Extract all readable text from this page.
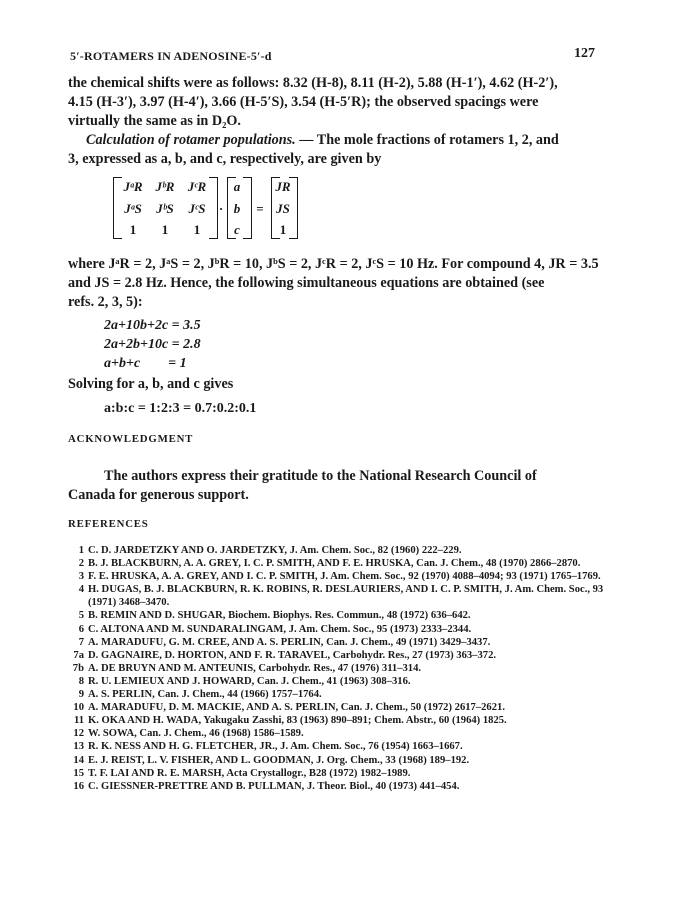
5′-ROTAMERS IN ADENOSINE-5′-d	127
the chemical shifts were as follows: 8.32 (H-8), 8.11 (H-2), 5.88 (H-1′), 4.62 (H-2′),
4.15 (H-3′), 3.97 (H-4′), 3.66 (H-5′S), 3.54 (H-5′R); the observed spacings were
virtually the same as in D₂O.
Calculation of rotamer populations. — The mole fractions of rotamers 1, 2, and
3, expressed as a, b, and c, respectively, are given by
JᵃR JᵇR JᶜR
JᵃS JᵇS JᶜS
1	1	1
·
a
b
c
=
JR
JS
1
where JᵃR = 2, JᵃS = 2, JᵇR = 10, JᵇS = 2, JᶜR = 2, JᶜS = 10 Hz. For compound 4, JR = 3.5
and JS = 2.8 Hz. Hence, the following simultaneous equations are obtained (see
refs. 2, 3, 5):
2a+10b+2c = 3.5
2a+2b+10c = 2.8
a+b+c        = 1
Solving for a, b, and c gives
a:b:c = 1:2:3 = 0.7:0.2:0.1
ACKNOWLEDGMENT
The authors express their gratitude to the National Research Council of
Canada for generous support.
REFERENCES
1 C. D. JARDETZKY AND O. JARDETZKY, J. Am. Chem. Soc., 82 (1960) 222–229.
2 B. J. BLACKBURN, A. A. GREY, I. C. P. SMITH, AND F. E. HRUSKA, Can. J. Chem., 48 (1970) 2866–2870.
3 F. E. HRUSKA, A. A. GREY, AND I. C. P. SMITH, J. Am. Chem. Soc., 92 (1970) 4088–4094; 93 (1971) 1765–1769.
4 H. DUGAS, B. J. BLACKBURN, R. K. ROBINS, R. DESLAURIERS, AND I. C. P. SMITH, J. Am. Chem. Soc., 93 (1971) 3468–3470.
5 B. REMIN AND D. SHUGAR, Biochem. Biophys. Res. Commun., 48 (1972) 636–642.
6 C. ALTONA AND M. SUNDARALINGAM, J. Am. Chem. Soc., 95 (1973) 2333–2344.
7 A. MARADUFU, G. M. CREE, AND A. S. PERLIN, Can. J. Chem., 49 (1971) 3429–3437.
7a D. GAGNAIRE, D. HORTON, AND F. R. TARAVEL, Carbohydr. Res., 27 (1973) 363–372.
7b A. DE BRUYN AND M. ANTEUNIS, Carbohydr. Res., 47 (1976) 311–314.
8 R. U. LEMIEUX AND J. HOWARD, Can. J. Chem., 41 (1963) 308–316.
9 A. S. PERLIN, Can. J. Chem., 44 (1966) 1757–1764.
10 A. MARADUFU, D. M. MACKIE, AND A. S. PERLIN, Can. J. Chem., 50 (1972) 2617–2621.
11 K. OKA AND H. WADA, Yakugaku Zasshi, 83 (1963) 890–891; Chem. Abstr., 60 (1964) 1825.
12 W. SOWA, Can. J. Chem., 46 (1968) 1586–1589.
13 R. K. NESS AND H. G. FLETCHER, JR., J. Am. Chem. Soc., 76 (1954) 1663–1667.
14 E. J. REIST, L. V. FISHER, AND L. GOODMAN, J. Org. Chem., 33 (1968) 189–192.
15 T. F. LAI AND R. E. MARSH, Acta Crystallogr., B28 (1972) 1982–1989.
16 C. GIESSNER-PRETTRE AND B. PULLMAN, J. Theor. Biol., 40 (1973) 441–454.
